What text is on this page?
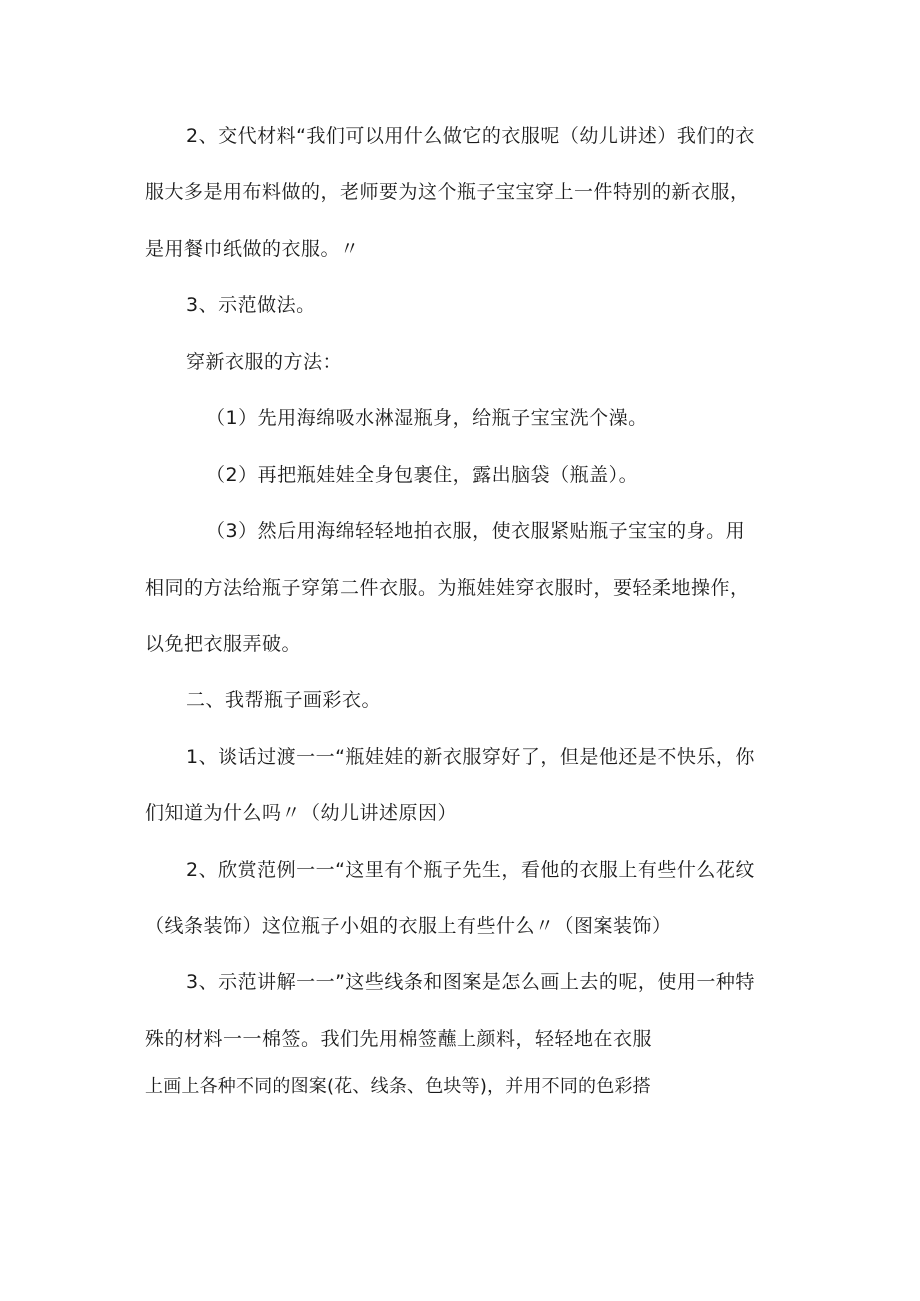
2、交代材料“我们可以用什么做它的衣服呢（幼儿讲述）我们的衣
服大多是用布料做的，老师要为这个瓶子宝宝穿上一件特别的新衣服，
是用餐巾纸做的衣服。〃
3、示范做法。
穿新衣服的方法：
（1）先用海绵吸水淋湿瓶身，给瓶子宝宝洗个澡。
（2）再把瓶娃娃全身包裹住，露出脑袋（瓶盖）。
（3）然后用海绵轻轻地拍衣服，使衣服紧贴瓶子宝宝的身。用
相同的方法给瓶子穿第二件衣服。为瓶娃娃穿衣服时，要轻柔地操作，
以免把衣服弄破。
二、我帮瓶子画彩衣。
1、谈话过渡一一“瓶娃娃的新衣服穿好了，但是他还是不快乐，你
们知道为什么吗〃（幼儿讲述原因）
2、欣赏范例一一“这里有个瓶子先生，看他的衣服上有些什么花纹
（线条装饰）这位瓶子小姐的衣服上有些什么〃（图案装饰）
3、示范讲解一一”这些线条和图案是怎么画上去的呢，使用一种特
殊的材料一一棉签。我们先用棉签蘸上颜料，轻轻地在衣服
上画上各种不同的图案(花、线条、色块等)，并用不同的色彩搭
